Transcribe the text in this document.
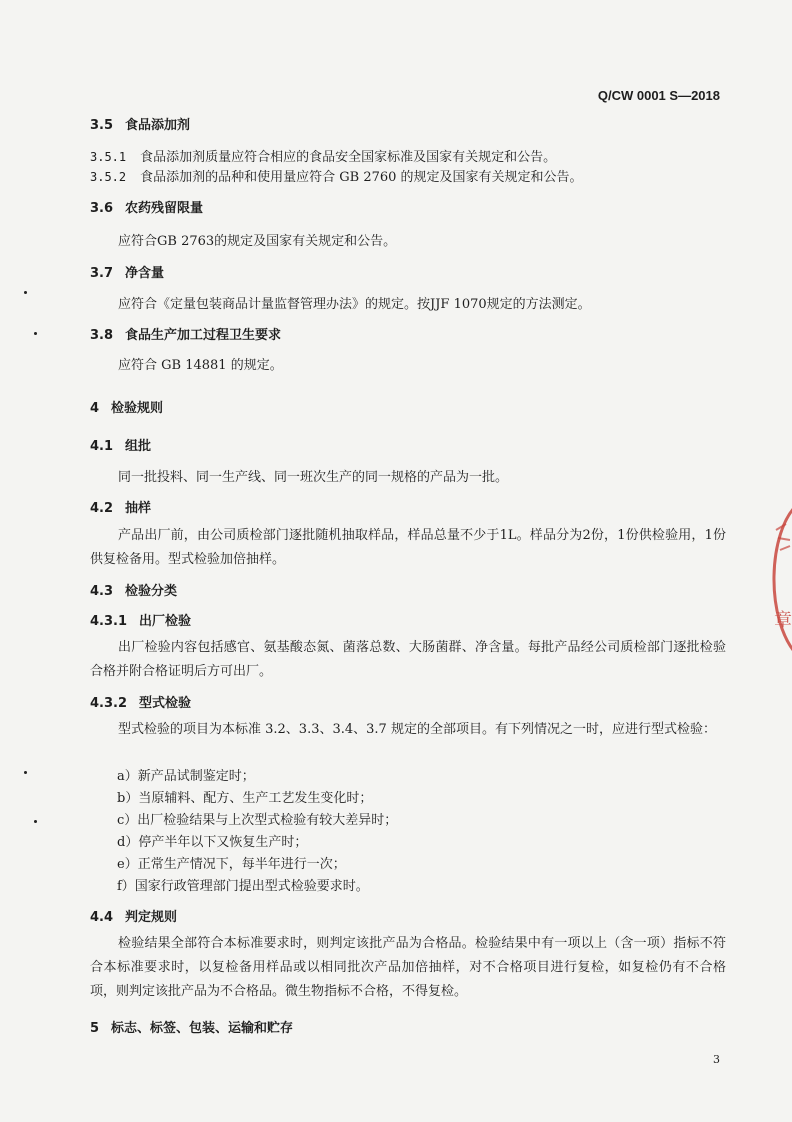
Q/CW 0001 S—2018
3.5 食品添加剂
3.5.1 食品添加剂质量应符合相应的食品安全国家标准及国家有关规定和公告。
3.5.2 食品添加剂的品种和使用量应符合 GB 2760 的规定及国家有关规定和公告。
3.6 农药残留限量
应符合GB 2763的规定及国家有关规定和公告。
3.7 净含量
应符合《定量包装商品计量监督管理办法》的规定。按JJF 1070规定的方法测定。
3.8 食品生产加工过程卫生要求
应符合 GB 14881 的规定。
4 检验规则
4.1 组批
同一批投料、同一生产线、同一班次生产的同一规格的产品为一批。
4.2 抽样
产品出厂前，由公司质检部门逐批随机抽取样品，样品总量不少于1L。样品分为2份，1份供检验用，1份供复检备用。型式检验加倍抽样。
4.3 检验分类
4.3.1 出厂检验
出厂检验内容包括感官、氨基酸态氮、菌落总数、大肠菌群、净含量。每批产品经公司质检部门逐批检验合格并附合格证明后方可出厂。
4.3.2 型式检验
型式检验的项目为本标准 3.2、3.3、3.4、3.7 规定的全部项目。有下列情况之一时，应进行型式检验：
a）新产品试制鉴定时；
b）当原辅料、配方、生产工艺发生变化时；
c）出厂检验结果与上次型式检验有较大差异时；
d）停产半年以下又恢复生产时；
e）正常生产情况下，每半年进行一次；
f）国家行政管理部门提出型式检验要求时。
4.4 判定规则
检验结果全部符合本标准要求时，则判定该批产品为合格品。检验结果中有一项以上（含一项）指标不符合本标准要求时，以复检备用样品或以相同批次产品加倍抽样，对不合格项目进行复检，如复检仍有不合格项，则判定该批产品为不合格品。微生物指标不合格，不得复检。
5 标志、标签、包装、运输和贮存
3
章
